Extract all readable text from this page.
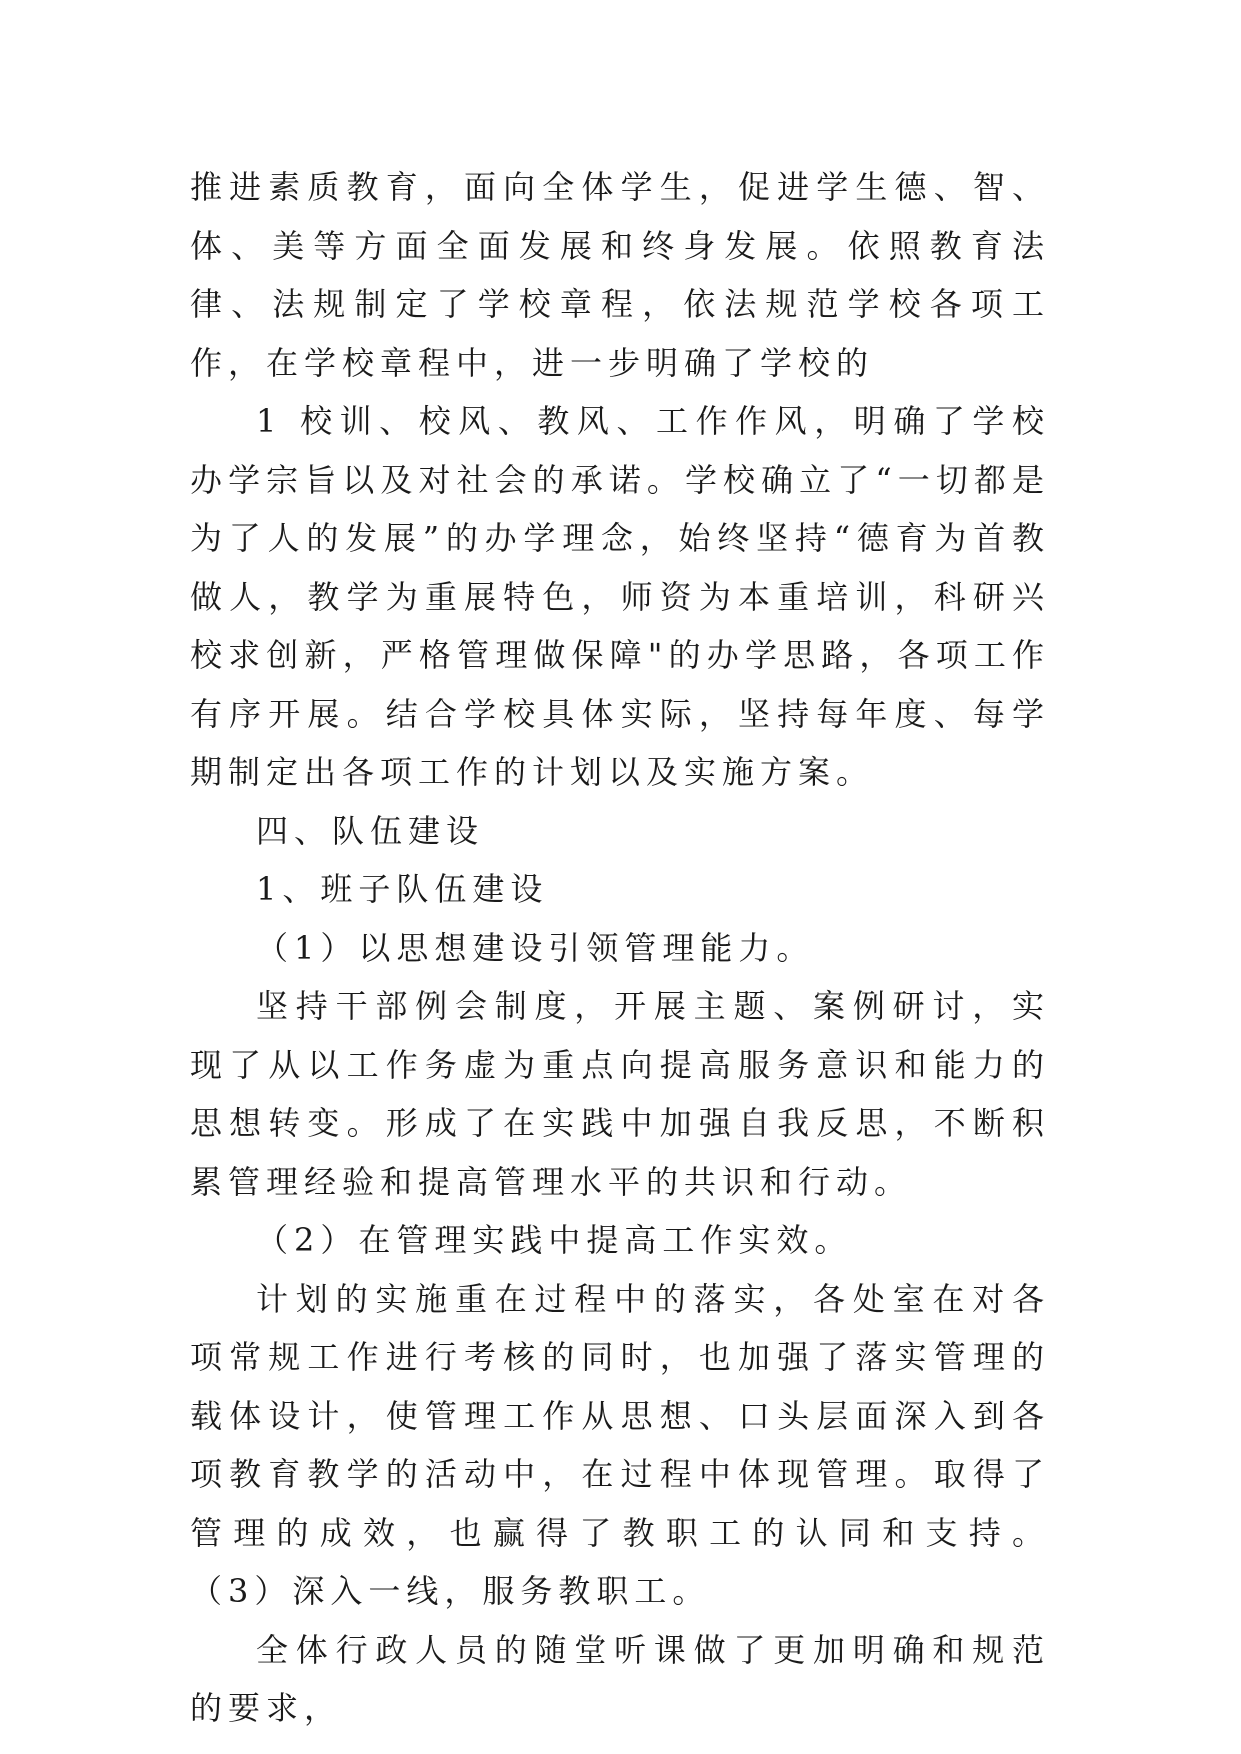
推进素质教育，面向全体学生，促进学生德、智、体、美等方面全面发展和终身发展。依照教育法律、法规制定了学校章程，依法规范学校各项工作，在学校章程中，进一步明确了学校的

1 校训、校风、教风、工作作风，明确了学校办学宗旨以及对社会的承诺。学校确立了“一切都是为了人的发展”的办学理念，始终坚持“德育为首教做人，教学为重展特色，师资为本重培训，科研兴校求创新，严格管理做保障"的办学思路，各项工作有序开展。结合学校具体实际，坚持每年度、每学期制定出各项工作的计划以及实施方案。

四、队伍建设

1、班子队伍建设

（1）以思想建设引领管理能力。

坚持干部例会制度，开展主题、案例研讨，实现了从以工作务虚为重点向提高服务意识和能力的思想转变。形成了在实践中加强自我反思，不断积累管理经验和提高管理水平的共识和行动。

（2）在管理实践中提高工作实效。

计划的实施重在过程中的落实，各处室在对各项常规工作进行考核的同时，也加强了落实管理的载体设计，使管理工作从思想、口头层面深入到各项教育教学的活动中，在过程中体现管理。取得了管理的成效，也赢得了教职工的认同和支持。 （3）深入一线，服务教职工。

全体行政人员的随堂听课做了更加明确和规范的要求，
